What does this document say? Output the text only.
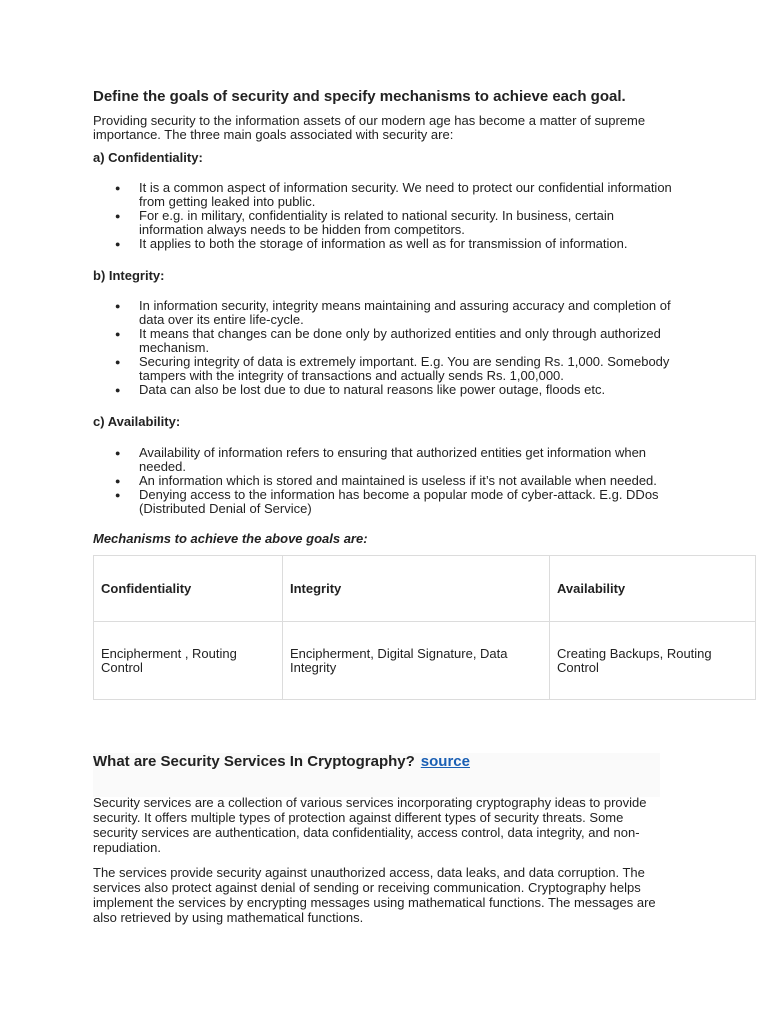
Define the goals of security and specify mechanisms to achieve each goal.

Providing security to the information assets of our modern age has become a matter of supreme importance. The three main goals associated with security are:

a) Confidentiality:

● It is a common aspect of information security. We need to protect our confidential information from getting leaked into public.
● For e.g. in military, confidentiality is related to national security. In business, certain information always needs to be hidden from competitors.
● It applies to both the storage of information as well as for transmission of information.

b) Integrity:

● In information security, integrity means maintaining and assuring accuracy and completion of data over its entire life-cycle.
● It means that changes can be done only by authorized entities and only through authorized mechanism.
● Securing integrity of data is extremely important. E.g. You are sending Rs. 1,000. Somebody tampers with the integrity of transactions and actually sends Rs. 1,00,000.
● Data can also be lost due to due to natural reasons like power outage, floods etc.

c) Availability:

● Availability of information refers to ensuring that authorized entities get information when needed.
● An information which is stored and maintained is useless if it’s not available when needed.
● Denying access to the information has become a popular mode of cyber-attack. E.g. DDos (Distributed Denial of Service)

Mechanisms to achieve the above goals are:

Confidentiality	Integrity	Availability
Encipherment , Routing Control	Encipherment, Digital Signature, Data Integrity	Creating Backups, Routing Control
What are Security Services In Cryptography? source

Security services are a collection of various services incorporating cryptography ideas to provide security. It offers multiple types of protection against different types of security threats. Some security services are authentication, data confidentiality, access control, data integrity, and non-repudiation.

The services provide security against unauthorized access, data leaks, and data corruption. The services also protect against denial of sending or receiving communication. Cryptography helps implement the services by encrypting messages using mathematical functions. The messages are also retrieved by using mathematical functions.
